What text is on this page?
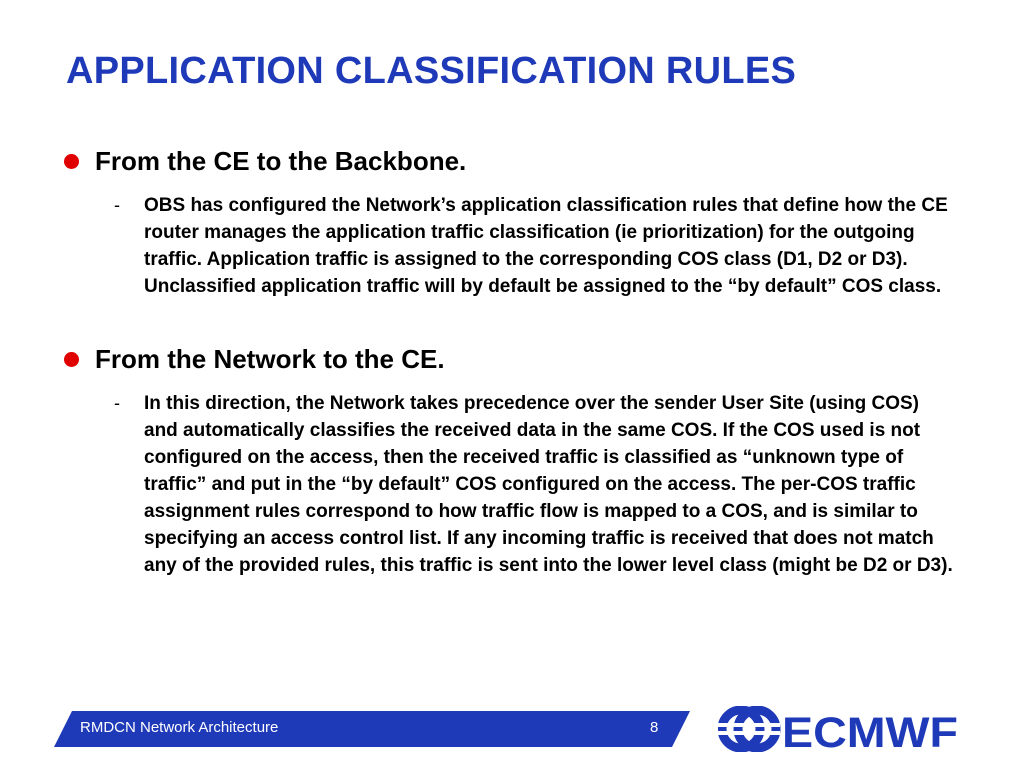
APPLICATION CLASSIFICATION RULES
From the CE to the Backbone.
-	OBS has configured the Network’s application classification rules that define how the CE router manages the application traffic classification (ie prioritization) for the outgoing traffic. Application traffic is assigned to the corresponding COS class (D1, D2 or D3). Unclassified application traffic will by default be assigned to the “by default” COS class.

From the Network to the CE.
-	In this direction, the Network takes precedence over the sender User Site (using COS) and automatically classifies the received data in the same COS. If the COS used is not configured on the access, then the received traffic is classified as “unknown type of traffic” and put in the “by default” COS configured on the access. The per-COS traffic assignment rules correspond to how traffic flow is mapped to a COS, and is similar to specifying an access control list. If any incoming traffic is received that does not match any of the provided rules, this traffic is sent into the lower level class (might be D2 or D3).

RMDCN Network Architecture	8	ECMWF
